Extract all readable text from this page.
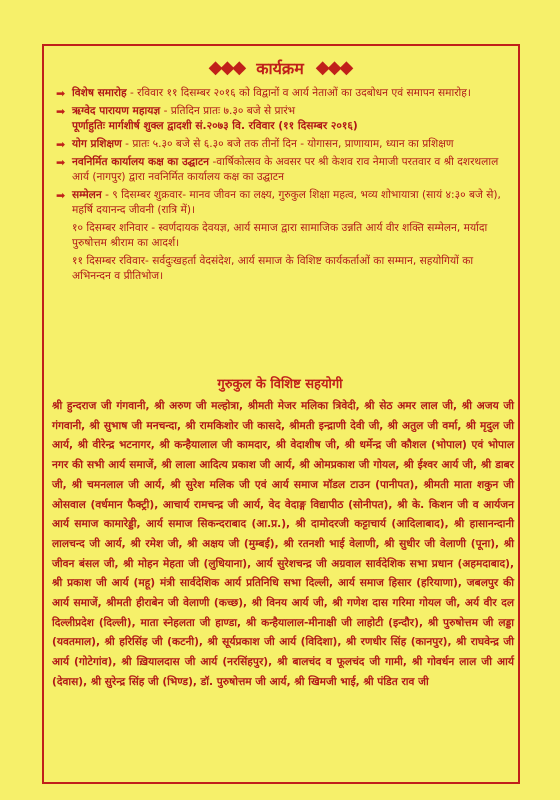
◆◆◆ कार्यक्रम ◆◆◆
➡ विशेष समारोह - रविवार ११ दिसम्बर २०१६ को विद्वानों व आर्य नेताओं का उदबोधन एवं समापन समारोह।
➡ ऋग्वेद पारायण महायज्ञ - प्रतिदिन प्रातः ७.३० बजे से प्रारंभ
पूर्णाहुतिः मार्गशीर्ष शुक्ल द्वादशी सं.२०७३ वि. रविवार (११ दिसम्बर २०१६)
➡ योग प्रशिक्षण - प्रातः ५.३० बजे से ६.३० बजे तक तीनों दिन - योगासन, प्राणायाम, ध्यान का प्रशिक्षण
➡ नवनिर्मित कार्यालय कक्ष का उद्घाटन -वार्षिकोत्सव के अवसर पर श्री केशव राव नेमाजी परतवार व श्री दशरथलाल आर्य (नागपुर) द्वारा नवनिर्मित कार्यालय कक्ष का उद्घाटन
➡ सम्मेलन - ९ दिसम्बर शुक्रवार- मानव जीवन का लक्ष्य, गुरुकुल शिक्षा महत्व, भव्य शोभायात्रा (सायं ४:३० बजे से), महर्षि दयानन्द जीवनी (रात्रि में)।
१० दिसम्बर शनिवार - स्वर्णदायक देवयज्ञ, आर्य समाज द्वारा सामाजिक उन्नति आर्य वीर शक्ति सम्मेलन, मर्यादा पुरुषोत्तम श्रीराम का आदर्श।
११ दिसम्बर रविवार- सर्वदुःखहर्ता वेदसंदेश, आर्य समाज के विशिष्ट कार्यकर्ताओं का सम्मान, सहयोगियों का अभिनन्दन व प्रीतिभोज।
गुरुकुल के विशिष्ट सहयोगी
श्री हुन्दराज जी गंगवानी, श्री अरुण जी मल्होत्रा, श्रीमती मेजर मलिका त्रिवेदी, श्री सेठ अमर लाल जी, श्री अजय जी गंगवानी, श्री सुभाष जी मनचन्दा, श्री रामकिशोर जी कासदे, श्रीमती इन्द्राणी देवी जी, श्री अतुल जी वर्मा, श्री मृदुल जी आर्य, श्री वीरेन्द्र भटनागर, श्री कन्हैयालाल जी कामदार, श्री वेदाशीष जी, श्री धर्मेन्द्र जी कौशल (भोपाल) एवं भोपाल नगर की सभी आर्य समाजें, श्री लाला आदित्य प्रकाश जी आर्य, श्री ओमप्रकाश जी गोयल, श्री ईश्वर आर्य जी, श्री डाबर जी, श्री चमनलाल जी आर्य, श्री सुरेश मलिक जी एवं आर्य समाज मॉडल टाउन (पानीपत), श्रीमती माता शकुन जी ओसवाल (वर्धमान फैक्ट्री), आचार्य रामचन्द्र जी आर्य, वेद वेदाङ्ग विद्यापीठ (सोनीपत), श्री के. किशन जी व आर्यजन आर्य समाज कामारेड्डी, आर्य समाज सिकन्दराबाद (आ.प्र.), श्री दामोदरजी कट्टाचार्य (आदिलाबाद), श्री हासानन्दानी लालचन्द जी आर्य, श्री रमेश जी, श्री अक्षय जी (मुम्बई), श्री रतनशी भाई वेलाणी, श्री सुधीर जी वेलाणी (पूना), श्री जीवन बंसल जी, श्री मोहन मेहता जी (लुधियाना), आर्य सुरेशचन्द्र जी अग्रवाल सार्वदेशिक सभा प्रधान (अहमदाबाद), श्री प्रकाश जी आर्य (महू) मंत्री सार्वदेशिक आर्य प्रतिनिधि सभा दिल्ली, आर्य समाज हिसार (हरियाणा), जबलपुर की आर्य समाजें, श्रीमती हीराबेन जी वेलाणी (कच्छ), श्री विनय आर्य जी, श्री गणेश दास गरिमा गोयल जी, अर्य वीर दल दिल्लीप्रदेश (दिल्ली), माता स्नेहलता जी हाण्डा, श्री कन्हैयालाल-मीनाक्षी जी लाहोटी (इन्दौर), श्री पुरुषोत्तम जी लड्डा (यवतमाल), श्री हरिसिंह जी (कटनी), श्री सूर्यप्रकाश जी आर्य (विदिशा), श्री रणधीर सिंह (कानपुर), श्री राघवेन्द्र जी आर्य (गोटेगांव), श्री ख़ियालदास जी आर्य (नरसिंहपुर), श्री बालचंद व फूलचंद जी गामी, श्री गोवर्धन लाल जी आर्य (देवास), श्री सुरेन्द्र सिंह जी (भिण्ड), डॉ. पुरुषोत्तम जी आर्य, श्री खिमजी भाई, श्री पंडित राव जी
